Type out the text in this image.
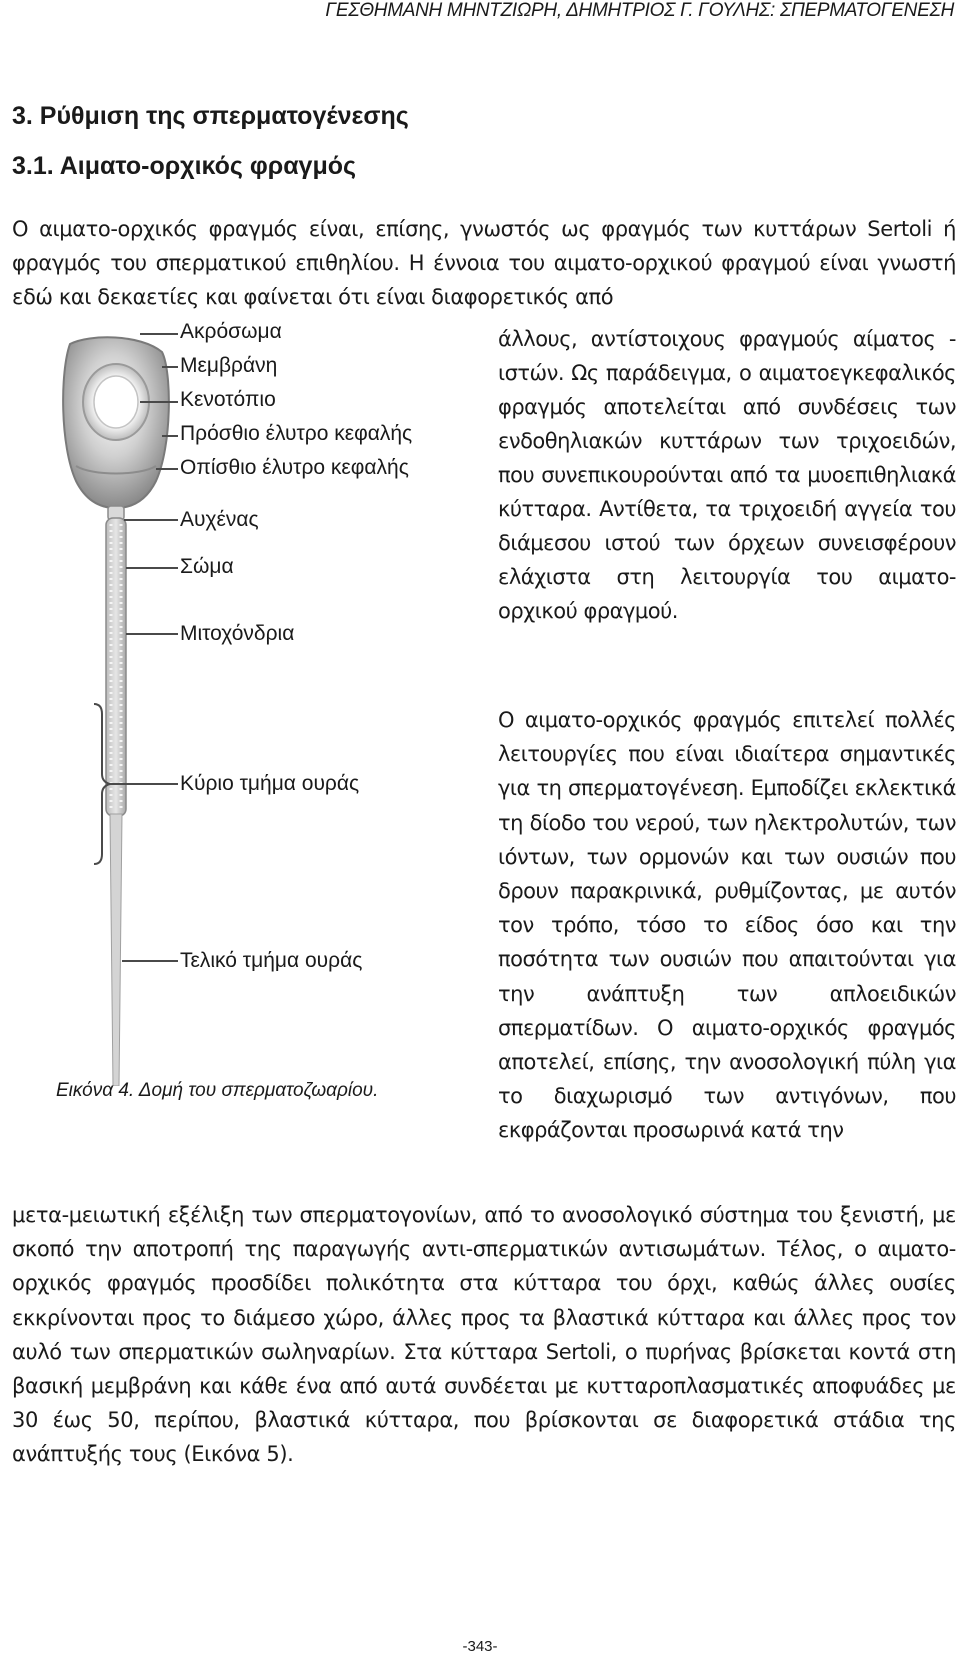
ΓΕΣΘΗΜΑΝΗ ΜΗΝΤΖΙΩΡΗ, ΔΗΜΗΤΡΙΟΣ Γ. ΓΟΥΛΗΣ: ΣΠΕΡΜΑΤΟΓΕΝΕΣΗ
3. Ρύθμιση της σπερματογένεσης
3.1. Αιματο-ορχικός φραγμός

Ο αιματο-ορχικός φραγμός είναι, επίσης, γνωστός ως φραγμός των κυττάρων Sertoli ή φραγμός του σπερματικού επιθηλίου. Η έννοια του αιματο-ορχικού φραγμού είναι γνωστή εδώ και δεκαετίες και φαίνεται ότι είναι διαφορετικός από

άλλους, αντίστοιχους φραγμούς αίματος - ιστών. Ως παράδειγμα, ο αιματοεγκεφαλικός φραγμός αποτελείται από συνδέσεις των ενδοθηλιακών κυττάρων των τριχοειδών, που συνεπικουρούνται από τα μυοεπιθηλιακά κύτταρα. Αντίθετα, τα τριχοειδή αγγεία του διάμεσου ιστού των όρχεων συνεισφέρουν ελάχιστα στη λειτουργία του αιματο-ορχικού φραγμού.

Ο αιματο-ορχικός φραγμός επιτελεί πολλές λειτουργίες που είναι ιδιαίτερα σημαντικές για τη σπερματογένεση. Εμποδίζει εκλεκτικά τη δίοδο του νερού, των ηλεκτρολυτών, των ιόντων, των ορμονών και των ουσιών που δρουν παρακρινικά, ρυθμίζοντας, με αυτόν τον τρόπο, τόσο το είδος όσο και την ποσότητα των ουσιών που απαιτούνται για την ανάπτυξη των απλοειδικών σπερματίδων. Ο αιματο-ορχικός φραγμός αποτελεί, επίσης, την ανοσολογική πύλη για το διαχωρισμό των αντιγόνων, που εκφράζονται προσωρινά κατά την

μετα-μειωτική εξέλιξη των σπερματογονίων, από το ανοσολογικό σύστημα του ξενιστή, με σκοπό την αποτροπή της παραγωγής αντι-σπερματικών αντισωμάτων. Τέλος, ο αιματο-ορχικός φραγμός προσδίδει πολικότητα στα κύτταρα του όρχι, καθώς άλλες ουσίες εκκρίνονται προς το διάμεσο χώρο, άλλες προς τα βλαστικά κύτταρα και άλλες προς τον αυλό των σπερματικών σωληναρίων. Στα κύτταρα Sertoli, ο πυρήνας βρίσκεται κοντά στη βασική μεμβράνη και κάθε ένα από αυτά συνδέεται με κυτταροπλασματικές αποφυάδες με 30 έως 50, περίπου, βλαστικά κύτταρα, που βρίσκονται σε διαφορετικά στάδια της ανάπτυξής τους (Εικόνα 5).

Ακρόσωμα
Μεμβράνη
Κενοτόπιο
Πρόσθιο έλυτρο κεφαλής
Οπίσθιο έλυτρο κεφαλής
Αυχένας
Σώμα
Μιτοχόνδρια
Κύριο τμήμα ουράς
Τελικό τμήμα ουράς
Εικόνα 4. Δομή του σπερματοζωαρίου.
-343-
